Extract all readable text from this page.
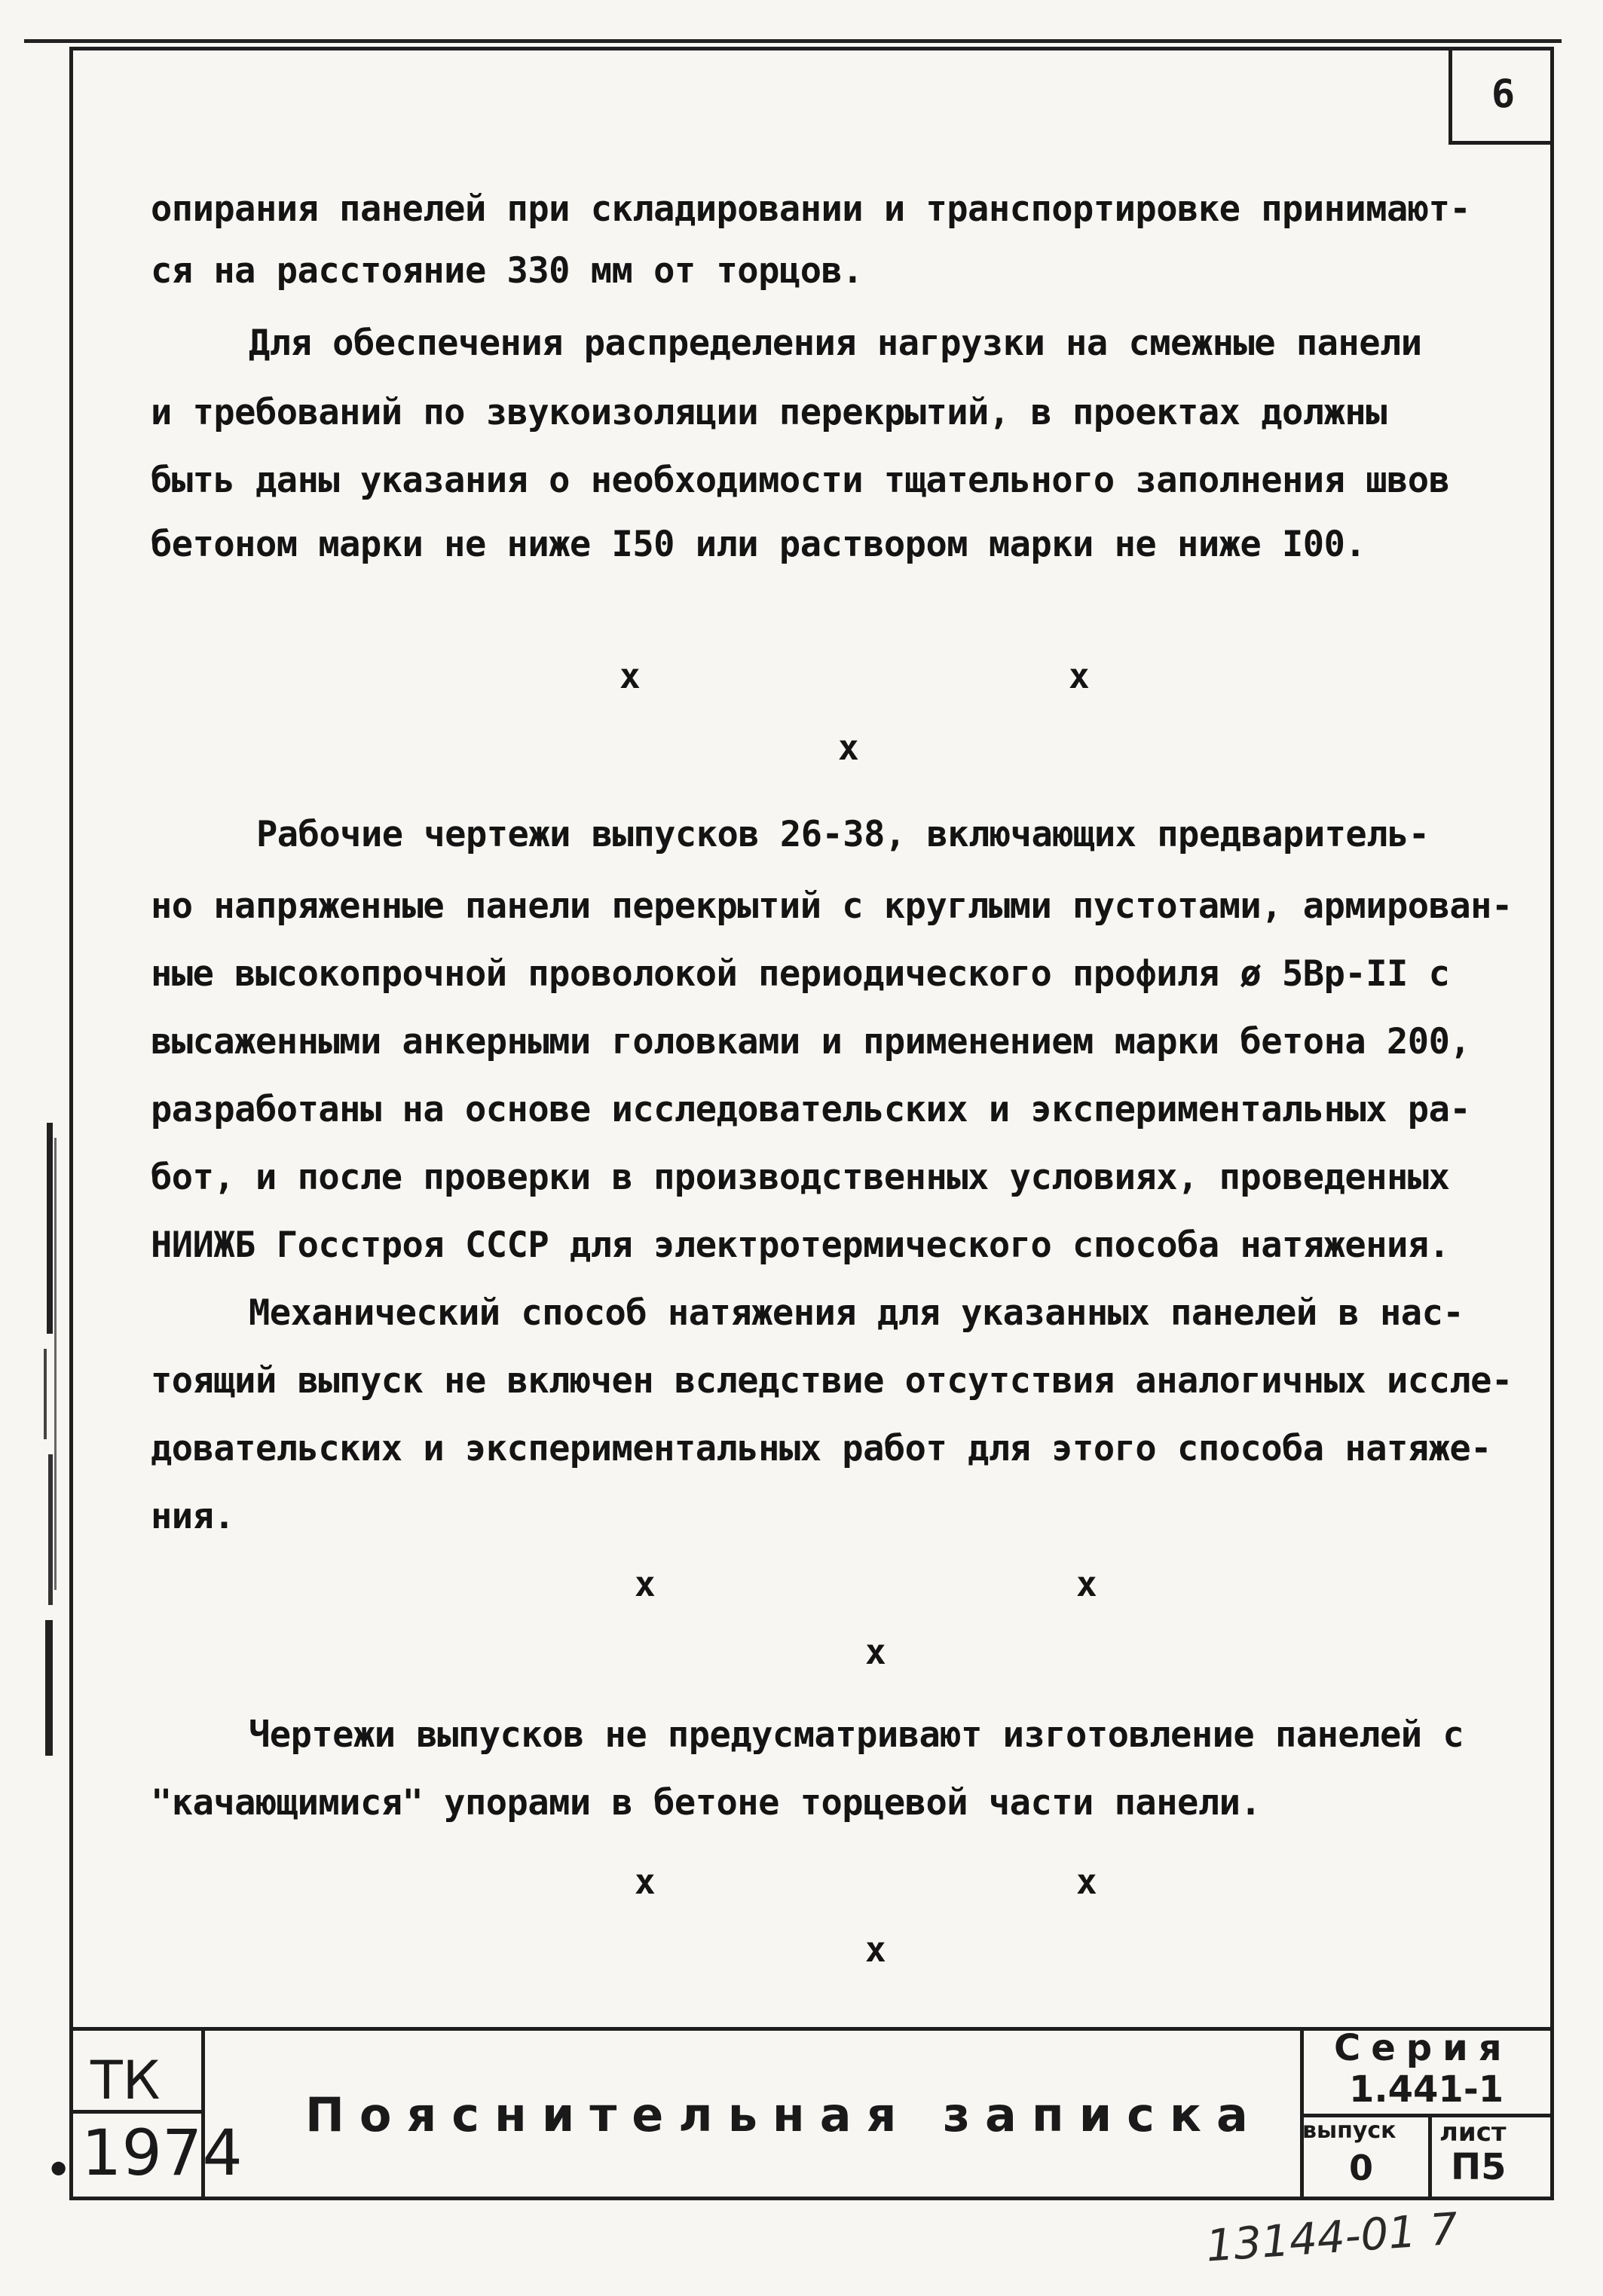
6
опирания панелей при складировании и транспортировке принимают-
ся на расстояние 330 мм от торцов.
Для обеспечения распределения нагрузки на смежные панели
и требований по звукоизоляции перекрытий, в проектах должны
быть даны указания о необходимости тщательного заполнения швов
бетоном марки не ниже I50 или раствором марки не ниже I00.
х	х
х
Рабочие чертежи выпусков 26-38, включающих предваритель-
но напряженные панели перекрытий с круглыми пустотами, армирован-
ные высокопрочной проволокой периодического профиля ø 5Вр-II с
высаженными анкерными головками и применением марки бетона 200,
разработаны на основе исследовательских и экспериментальных ра-
бот, и после проверки в производственных условиях, проведенных
НИИЖБ Госстроя СССР для электротермического способа натяжения.
Механический способ натяжения для указанных панелей в нас-
тоящий выпуск не включен вследствие отсутствия аналогичных иссле-
довательских и экспериментальных работ для этого способа натяже-
ния.
х	х
х
Чертежи выпусков не предусматривают изготовление панелей с
"качающимися" упорами в бетоне торцевой части панели.
х	х
х
ТК
1974
•
Пояснительная записка
Серия
1.441-1
выпуск
0
лист
П5
13144-01 7
